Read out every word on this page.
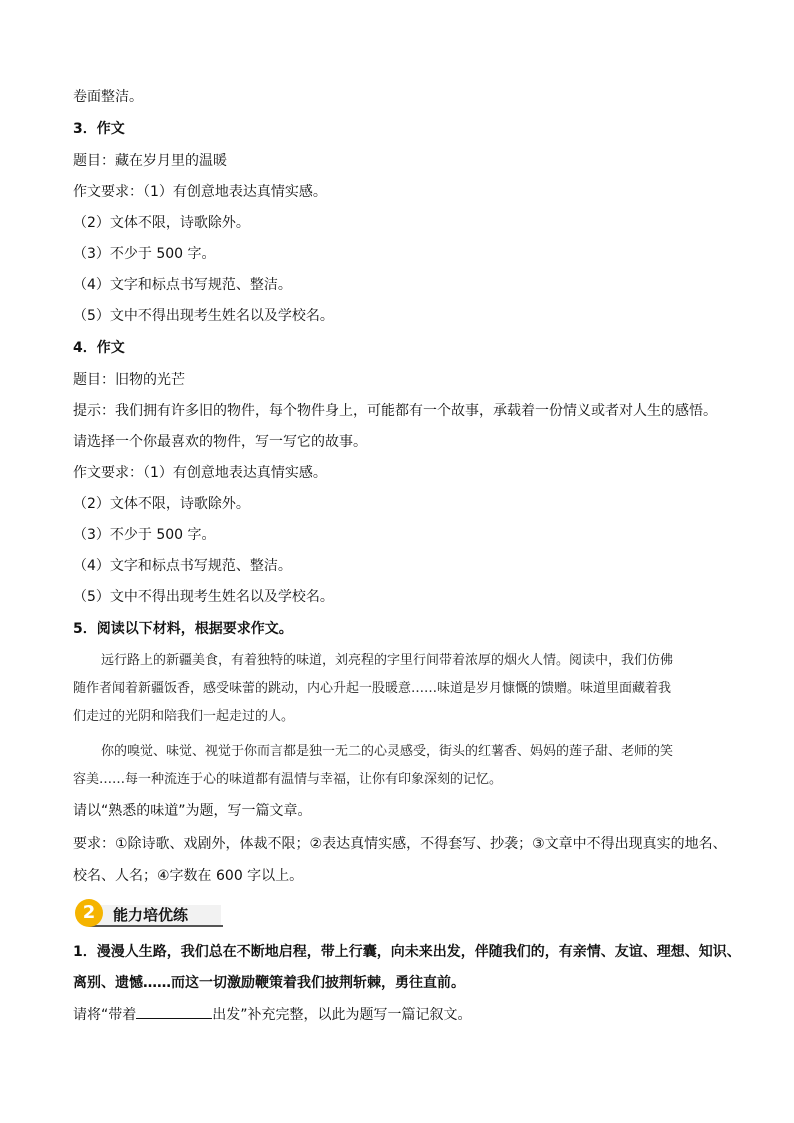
卷面整洁。
3．作文
题目：藏在岁月里的温暖
作文要求：（1）有创意地表达真情实感。
（2）文体不限，诗歌除外。
（3）不少于 500 字。
（4）文字和标点书写规范、整洁。
（5）文中不得出现考生姓名以及学校名。
4．作文
题目：旧物的光芒
提示：我们拥有许多旧的物件，每个物件身上，可能都有一个故事，承载着一份情义或者对人生的感悟。
请选择一个你最喜欢的物件，写一写它的故事。
作文要求：（1）有创意地表达真情实感。
（2）文体不限，诗歌除外。
（3）不少于 500 字。
（4）文字和标点书写规范、整洁。
（5）文中不得出现考生姓名以及学校名。
5．阅读以下材料，根据要求作文。
远行路上的新疆美食，有着独特的味道，刘亮程的字里行间带着浓厚的烟火人情。阅读中，我们仿佛
随作者闻着新疆饭香，感受味蕾的跳动，内心升起一股暖意……味道是岁月慷慨的馈赠。味道里面藏着我
们走过的光阴和陪我们一起走过的人。
你的嗅觉、味觉、视觉于你而言都是独一无二的心灵感受，街头的红薯香、妈妈的莲子甜、老师的笑
容美……每一种流连于心的味道都有温情与幸福，让你有印象深刻的记忆。
请以“熟悉的味道”为题，写一篇文章。
要求：①除诗歌、戏剧外，体裁不限；②表达真情实感，不得套写、抄袭；③文章中不得出现真实的地名、
校名、人名；④字数在 600 字以上。
2	能力培优练
1．漫漫人生路，我们总在不断地启程，带上行囊，向未来出发，伴随我们的，有亲情、友谊、理想、知识、
离别、遗憾……而这一切激励鞭策着我们披荆斩棘，勇往直前。
请将“带着	出发”补充完整，以此为题写一篇记叙文。
